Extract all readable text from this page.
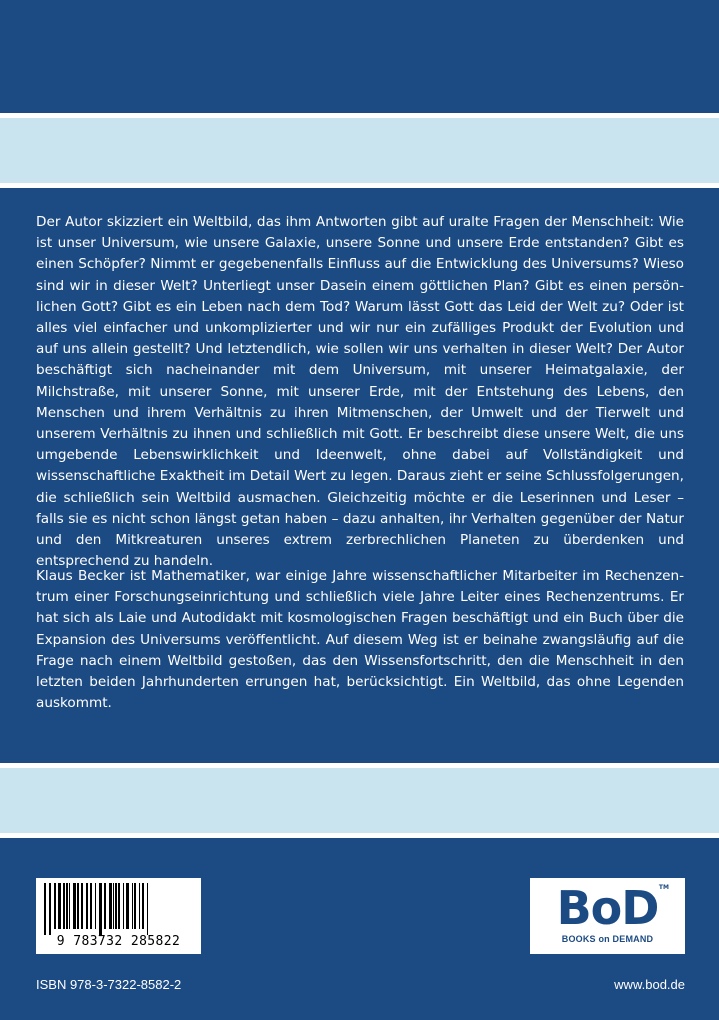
Der Autor skizziert ein Weltbild, das ihm Antworten gibt auf uralte Fragen der Menschheit: Wie ist unser Universum, wie unsere Galaxie, unsere Sonne und unsere Erde entstanden? Gibt es einen Schöpfer? Nimmt er gegebenenfalls Einfluss auf die Entwicklung des Universums? Wieso sind wir in dieser Welt? Unterliegt unser Dasein einem göttlichen Plan? Gibt es einen persönlichen Gott? Gibt es ein Leben nach dem Tod? Warum lässt Gott das Leid der Welt zu? Oder ist alles viel einfacher und unkomplizierter und wir nur ein zufälliges Produkt der Evolution und auf uns allein gestellt? Und letztendlich, wie sollen wir uns verhalten in dieser Welt? Der Autor beschäftigt sich nacheinander mit dem Universum, mit unserer Heimatgalaxie, der Milchstraße, mit unserer Sonne, mit unserer Erde, mit der Entstehung des Lebens, den Menschen und ihrem Verhältnis zu ihren Mitmenschen, der Umwelt und der Tierwelt und unserem Verhältnis zu ihnen und schließlich mit Gott. Er beschreibt diese unsere Welt, die uns umgebende Lebenswirklichkeit und Ideenwelt, ohne dabei auf Vollständigkeit und wissenschaftliche Exaktheit im Detail Wert zu legen. Daraus zieht er seine Schlussfolgerungen, die schließlich sein Weltbild ausmachen. Gleichzeitig möchte er die Leserinnen und Leser – falls sie es nicht schon längst getan haben – dazu anhalten, ihr Verhalten gegenüber der Natur und den Mitkreaturen unseres extrem zerbrechlichen Planeten zu überdenken und entsprechend zu handeln.

Klaus Becker ist Mathematiker, war einige Jahre wissenschaftlicher Mitarbeiter im Rechenzentrum einer Forschungseinrichtung und schließlich viele Jahre Leiter eines Rechenzentrums. Er hat sich als Laie und Autodidakt mit kosmologischen Fragen beschäftigt und ein Buch über die Expansion des Universums veröffentlicht. Auf diesem Weg ist er beinahe zwangsläufig auf die Frage nach einem Weltbild gestoßen, das den Wissensfortschritt, den die Menschheit in den letzten beiden Jahrhunderten errungen hat, berücksichtigt. Ein Weltbild, das ohne Legenden auskommt.

9 783732 285822
TM
BoD
BOOKS on DEMAND
ISBN 978-3-7322-8582-2	www.bod.de
